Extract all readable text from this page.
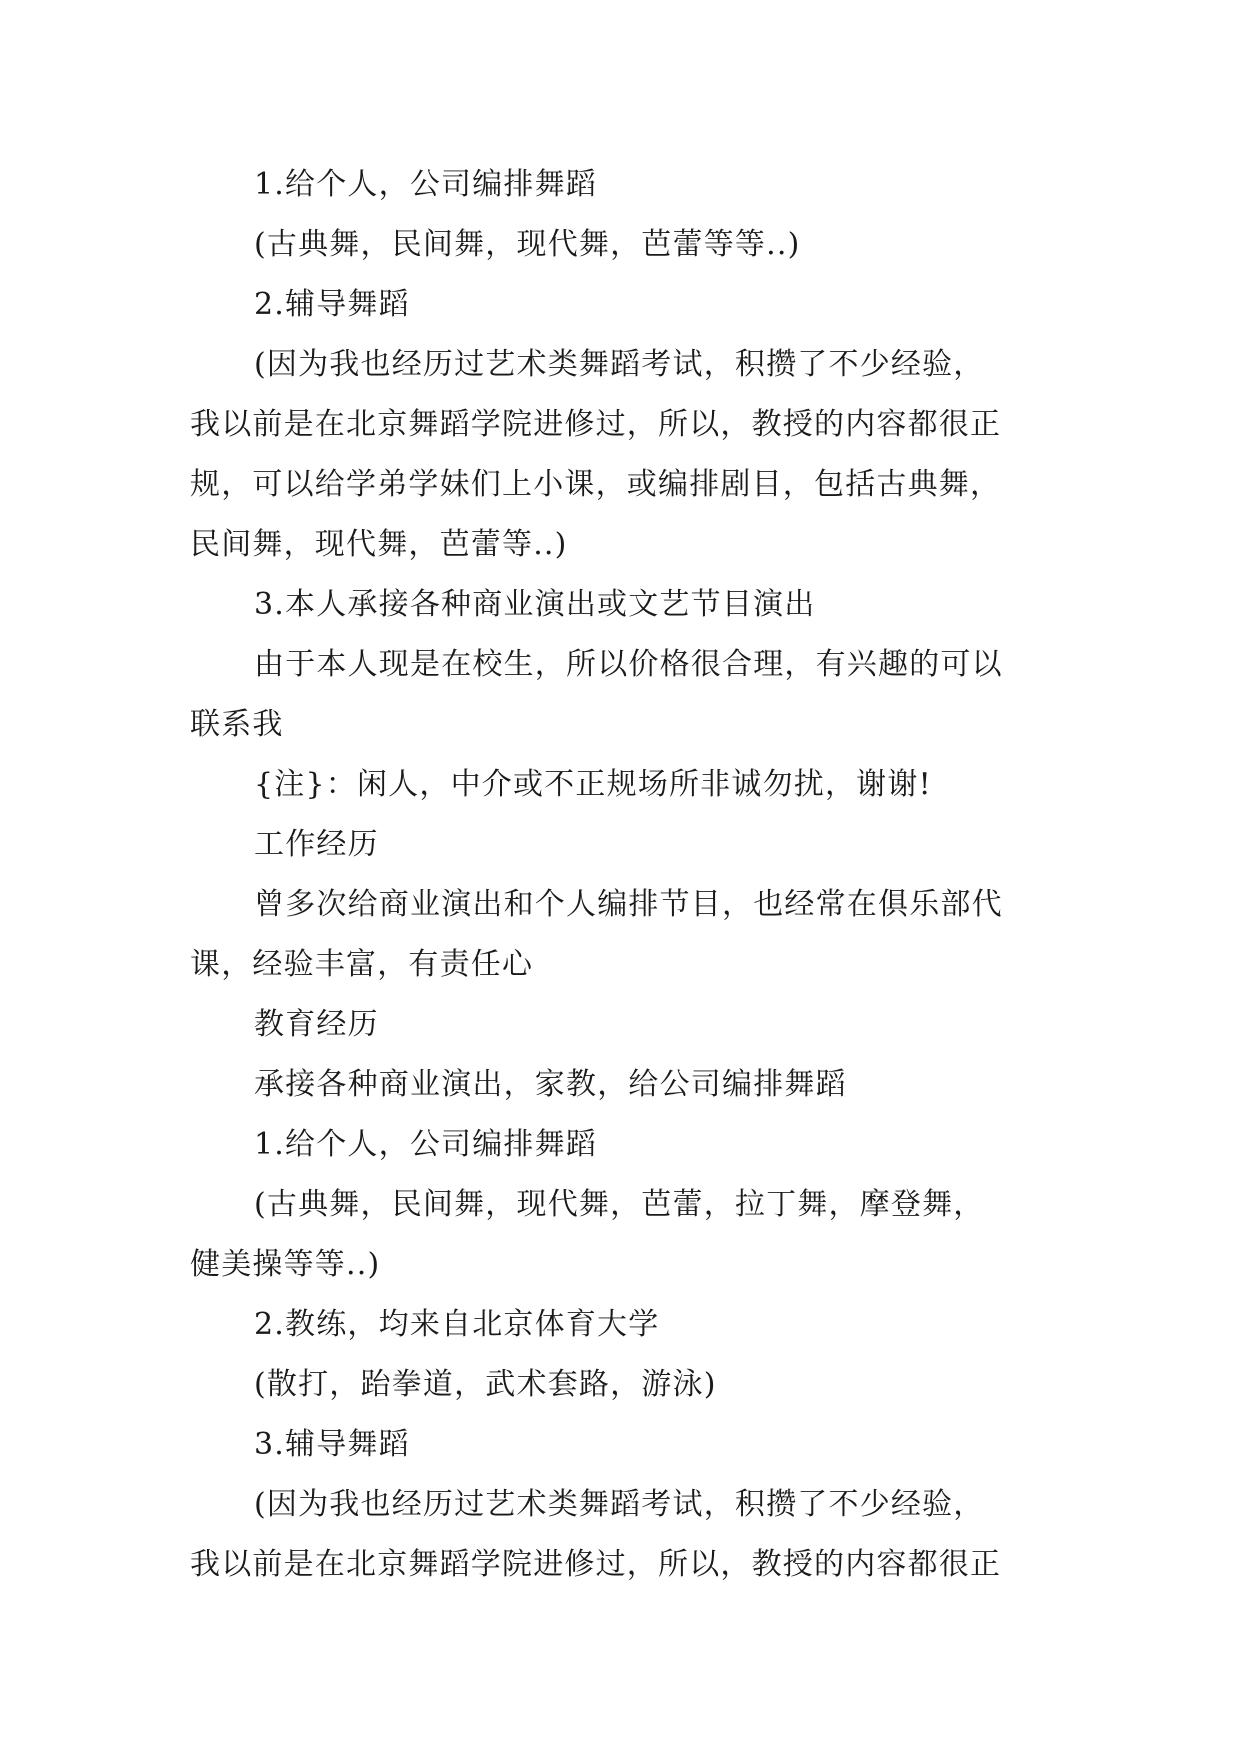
1.给个人，公司编排舞蹈

(古典舞，民间舞，现代舞，芭蕾等等..)

2.辅导舞蹈

(因为我也经历过艺术类舞蹈考试，积攒了不少经验，

我以前是在北京舞蹈学院进修过，所以，教授的内容都很正

规，可以给学弟学妹们上小课，或编排剧目，包括古典舞，

民间舞，现代舞，芭蕾等..)

3.本人承接各种商业演出或文艺节目演出

由于本人现是在校生，所以价格很合理，有兴趣的可以

联系我

{注}：闲人，中介或不正规场所非诚勿扰，谢谢!

工作经历

曾多次给商业演出和个人编排节目，也经常在俱乐部代

课，经验丰富，有责任心

教育经历

承接各种商业演出，家教，给公司编排舞蹈

1.给个人，公司编排舞蹈

(古典舞，民间舞，现代舞，芭蕾，拉丁舞，摩登舞，

健美操等等..)

2.教练，均来自北京体育大学

(散打，跆拳道，武术套路，游泳)

3.辅导舞蹈

(因为我也经历过艺术类舞蹈考试，积攒了不少经验，

我以前是在北京舞蹈学院进修过，所以，教授的内容都很正
